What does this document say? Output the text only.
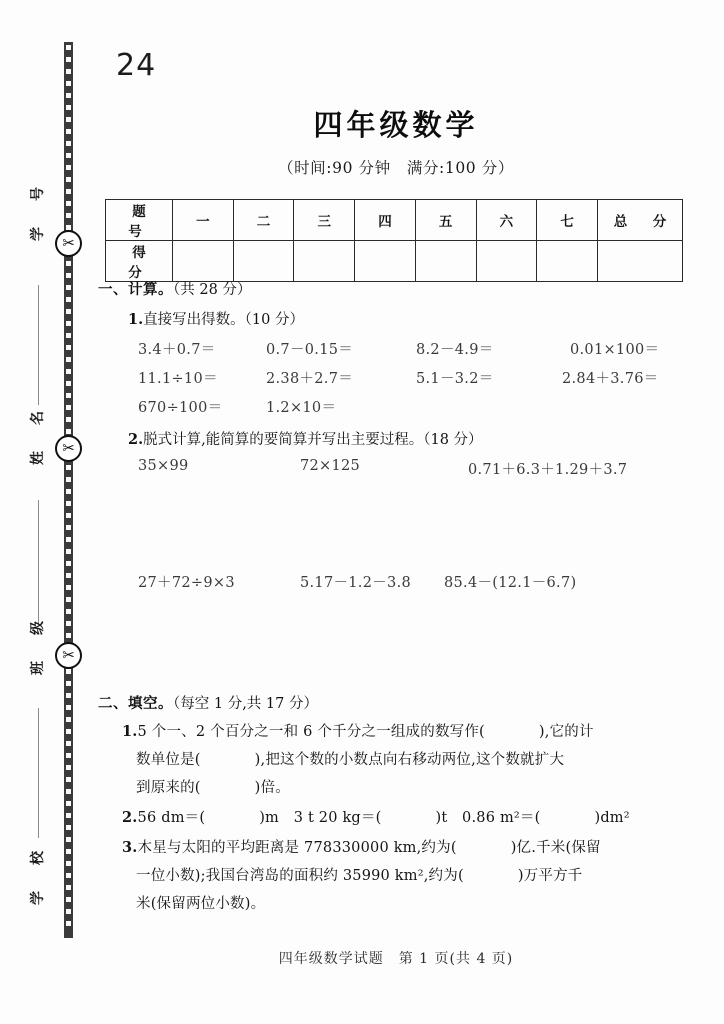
✂
✂
✂
学　号
姓　名
班　级
学　校
24
四年级数学
（时间:90 分钟　满分:100 分）
题　号	一	二	三	四	五	六	七	总　分
得　分								
一、计算。（共 28 分）
1.直接写出得数。（10 分）
3.4＋0.7＝	0.7－0.15＝	8.2－4.9＝	0.01×100＝
11.1÷10＝	2.38＋2.7＝	5.1－3.2＝	2.84＋3.76＝
670÷100＝	1.2×10＝
2.脱式计算,能简算的要简算并写出主要过程。（18 分）
35×99	72×125	0.71＋6.3＋1.29＋3.7
27＋72÷9×3	5.17－1.2－3.8 85.4－(12.1－6.7)
二、填空。（每空 1 分,共 17 分）
1.5 个一、2 个百分之一和 6 个千分之一组成的数写作(	),它的计
数单位是(	),把这个数的小数点向右移动两位,这个数就扩大
到原来的(	)倍。
2.56 dm＝(	)m　3 t 20 kg＝(	)t　0.86 m²＝(	)dm²
3.木星与太阳的平均距离是 778330000 km,约为(	)亿.千米(保留
一位小数);我国台湾岛的面积约 35990 km²,约为(	)万平方千
米(保留两位小数)。
四年级数学试题　第 1 页(共 4 页)
